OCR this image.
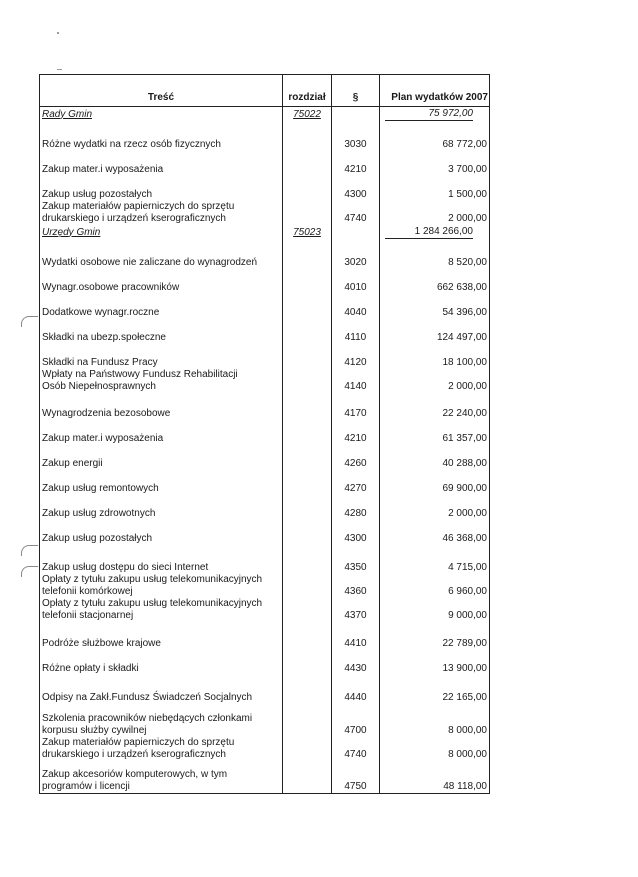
Treść	rozdział	§	Plan wydatków 2007
Rady Gmin	75022		75 972,00

Różne wydatki na rzecz osób fizycznych		3030	68 772,00

Zakup mater.i wyposażenia		4210	3 700,00

Zakup usług pozostałych		4300	1 500,00

Zakup materiałów papierniczych do sprzętu
drukarskiego i urządzeń kserograficznych		4740	2 000,00
Urzędy Gmin	75023		1 284 266,00

Wydatki osobowe nie zaliczane do wynagrodzeń		3020	8 520,00

Wynagr.osobowe pracowników		4010	662 638,00

Dodatkowe wynagr.roczne		4040	54 396,00

Składki na ubezp.społeczne		4110	124 497,00

Składki na Fundusz Pracy		4120	18 100,00

Wpłaty na Państwowy Fundusz Rehabilitacji
Osób Niepełnosprawnych		4140	2 000,00

Wynagrodzenia bezosobowe		4170	22 240,00

Zakup mater.i wyposażenia		4210	61 357,00

Zakup energii		4260	40 288,00

Zakup usług remontowych		4270	69 900,00

Zakup usług zdrowotnych		4280	2 000,00

Zakup usług pozostałych		4300	46 368,00

Zakup usług dostępu do sieci Internet		4350	4 715,00

Opłaty z tytułu zakupu usług telekomunikacyjnych
telefonii komórkowej		4360	6 960,00

Opłaty z tytułu zakupu usług telekomunikacyjnych
telefonii stacjonarnej		4370	9 000,00

Podróże służbowe krajowe		4410	22 789,00

Różne opłaty i składki		4430	13 900,00

Odpisy na Zakł.Fundusz Świadczeń Socjalnych		4440	22 165,00

Szkolenia pracowników niebędących członkami
korpusu służby cywilnej		4700	8 000,00

Zakup materiałów papierniczych do sprzętu
drukarskiego i urządzeń kserograficznych		4740	8 000,00

Zakup akcesoriów komputerowych, w tym
programów i licencji		4750	48 118,00
